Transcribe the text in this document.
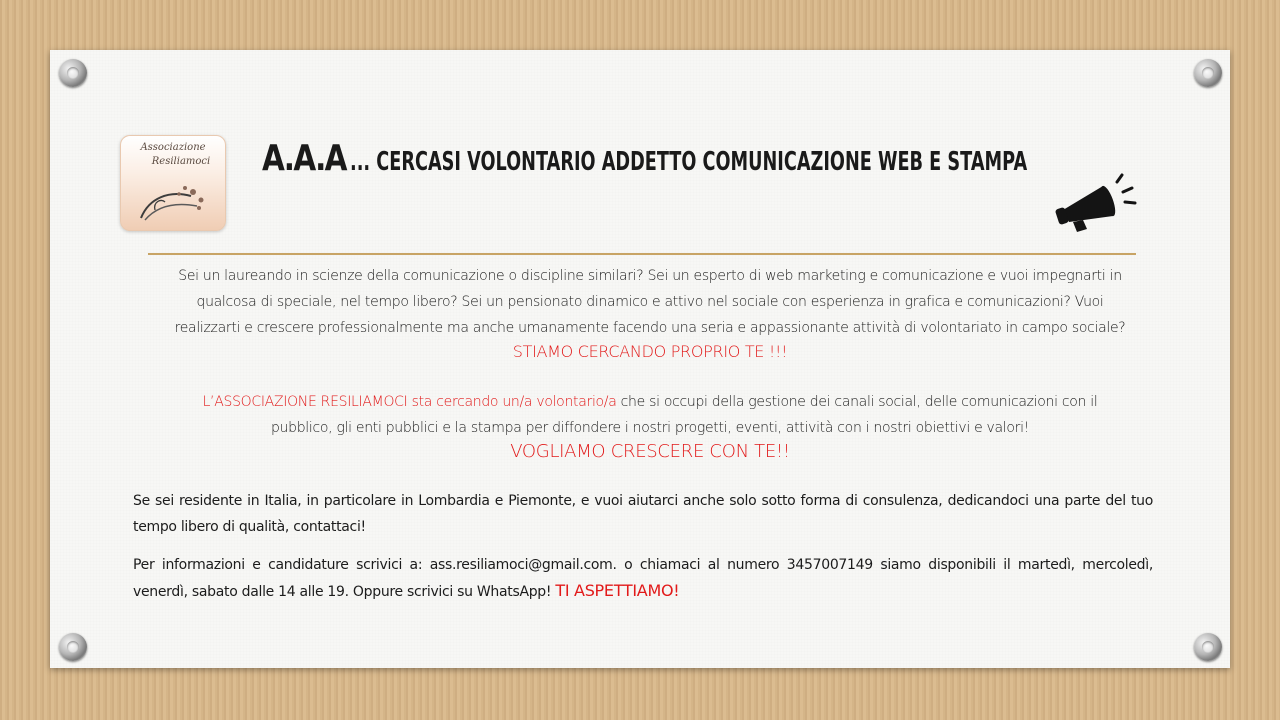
Associazione
Resiliamoci	A.A.A... CERCASI VOLONTARIO ADDETTO COMUNICAZIONE WEB E STAMPA
Sei un laureando in scienze della comunicazione o discipline similari? Sei un esperto di web marketing e comunicazione e vuoi impegnarti in
qualcosa di speciale, nel tempo libero? Sei un pensionato dinamico e attivo nel sociale con esperienza in grafica e comunicazioni? Vuoi
realizzarti e crescere professionalmente ma anche umanamente facendo una seria e appassionante attività di volontariato in campo sociale?
STIAMO CERCANDO PROPRIO TE !!!
L’ASSOCIAZIONE RESILIAMOCI sta cercando un/a volontario/a che si occupi della gestione dei canali social, delle comunicazioni con il
pubblico, gli enti pubblici e la stampa per diffondere i nostri progetti, eventi, attività con i nostri obiettivi e valori!
VOGLIAMO CRESCERE CON TE!!

Se sei residente in Italia, in particolare in Lombardia e Piemonte, e vuoi aiutarci anche solo sotto forma di consulenza, dedicandoci una parte del tuo tempo libero di qualità, contattaci!

Per informazioni e candidature scrivici a: ass.resiliamoci@gmail.com. o chiamaci al numero 3457007149 siamo disponibili il martedì, mercoledì, venerdì, sabato dalle 14 alle 19. Oppure scrivici su WhatsApp! TI ASPETTIAMO!
